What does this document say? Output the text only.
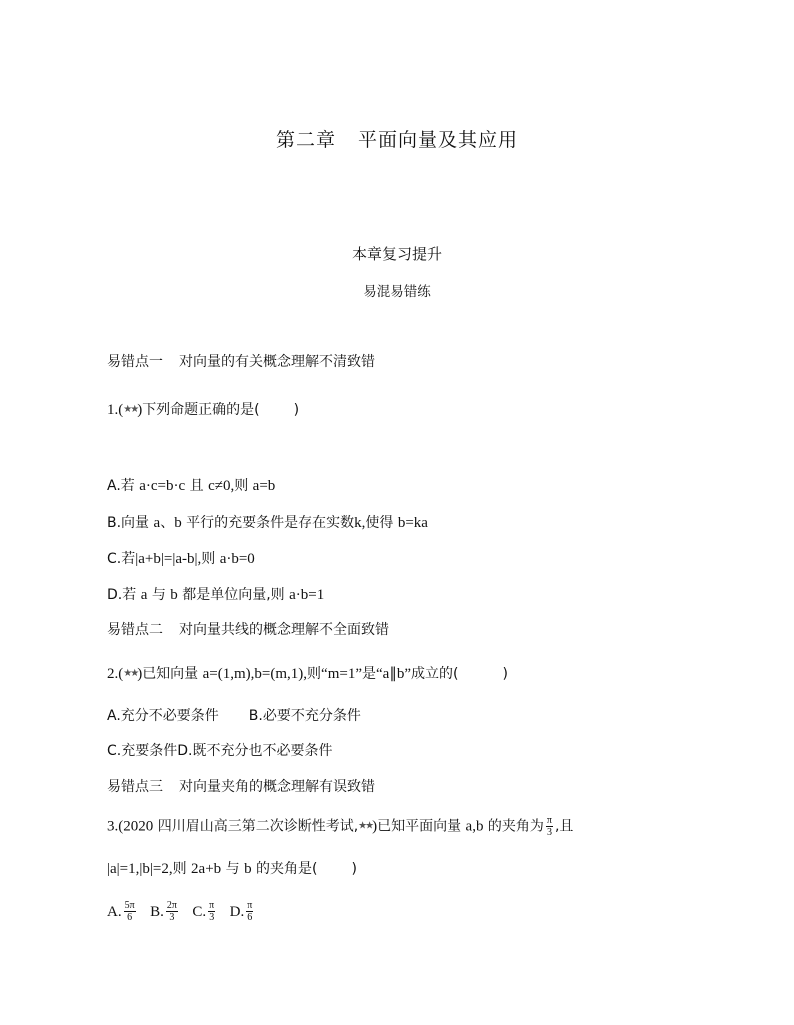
第二章 平面向量及其应用
本章复习提升
易混易错练
易错点一 对向量的有关概念理解不清致错
1.(★★)下列命题正确的是( )
A.若 a·c=b·c 且 c≠0,则 a=b
B.向量 a、b 平行的充要条件是存在实数k,使得 b=ka
C.若|a+b|=|a-b|,则 a·b=0
D.若 a 与 b 都是单位向量,则 a·b=1
易错点二 对向量共线的概念理解不全面致错
2.(★★)已知向量 a=(1,m),b=(m,1),则“m=1”是“a∥b”成立的(	)
A.充分不必要条件 B.必要不充分条件
C.充要条件D.既不充分也不必要条件
易错点三 对向量夹角的概念理解有误致错
3.(2020 四川眉山高三第二次诊断性考试,★★)已知平面向量 a,b 的夹角为 $\frac{\pi}{3}$ ,且
|a|=1,|b|=2,则 2a+b 与 b 的夹角是( )
A. $\frac{5\pi}{6} B$. $\frac{2\pi}{3} C$. $\frac{\pi}{3} D$. $\frac{\pi}{6}$
